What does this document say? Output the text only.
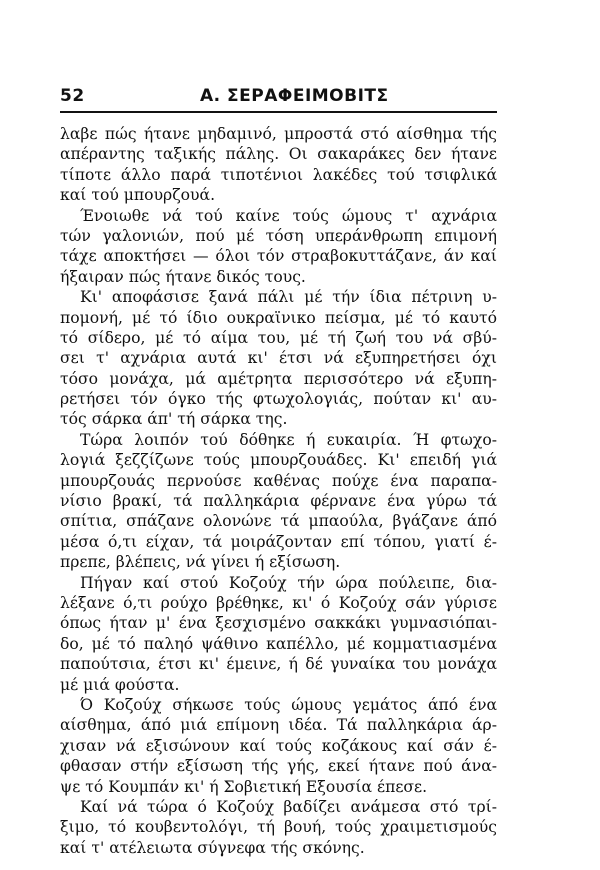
52	Α. ΣΕΡΑΦΕΙΜΟΒΙΤΣ
λαβε πώς ήτανε μηδαμινό, μπροστά στό αίσθημα τής
απέραντης ταξικής πάλης. Οι σακαράκες δεν ήτανε
τίποτε άλλο παρά τιποτένιοι λακέδες τού τσιφλικά
καί τού μπουρζουά.
Ένοιωθε νά τού καίνε τούς ώμους τ' αχνάρια
τών γαλονιών, πού μέ τόση υπεράνθρωπη επιμονή
τάχε αποκτήσει — όλοι τόν στραβοκυττάζανε, άν καί
ήξαιραν πώς ήτανε δικός τους.
Κι' αποφάσισε ξανά πάλι μέ τήν ίδια πέτρινη υ-
πομονή, μέ τό ίδιο ουκραϊνικο πείσμα, μέ τό καυτό
τό σίδερο, μέ τό αίμα του, μέ τή ζωή του νά σβύ-
σει τ' αχνάρια αυτά κι' έτσι νά εξυπηρετήσει όχι
τόσο μονάχα, μά αμέτρητα περισσότερο νά εξυπη-
ρετήσει τόν όγκο τής φτωχολογιάς, πούταν κι' αυ-
τός σάρκα άπ' τή σάρκα της.
Τώρα λοιπόν τού δόθηκε ή ευκαιρία. Ή φτωχο-
λογιά ξεζζίζωνε τούς μπουρζουάδες. Κι' επειδή γιά
μπουρζουάς περνούσε καθένας πούχε ένα παραπα-
νίσιο βρακί, τά παλληκάρια φέρνανε ένα γύρω τά
σπίτια, σπάζανε ολονώνε τά μπαούλα, βγάζανε άπό
μέσα ό,τι είχαν, τά μοιράζονταν επί τόπου, γιατί έ-
πρεπε, βλέπεις, νά γίνει ή εξίσωση.
Πήγαν καί στού Κοζούχ τήν ώρα πούλειπε, δια-
λέξανε ό,τι ρούχο βρέθηκε, κι' ό Κοζούχ σάν γύρισε
όπως ήταν μ' ένα ξεσχισμένο σακκάκι γυμνασιόπαι-
δο, μέ τό παληό ψάθινο καπέλλο, μέ κομματιασμένα
παπούτσια, έτσι κι' έμεινε, ή δέ γυναίκα του μονάχα
μέ μιά φούστα.
Ό Κοζούχ σήκωσε τούς ώμους γεμάτος άπό ένα
αίσθημα, άπό μιά επίμονη ιδέα. Τά παλληκάρια άρ-
χισαν νά εξισώνουν καί τούς κοζάκους καί σάν έ-
φθασαν στήν εξίσωση τής γής, εκεί ήτανε πού άνα-
ψε τό Κουμπάν κι' ή Σοβιετική Εξουσία έπεσε.
Καί νά τώρα ό Κοζούχ βαδίζει ανάμεσα στό τρί-
ξιμο, τό κουβεντολόγι, τή βουή, τούς χραιμετισμούς
καί τ' ατέλειωτα σύγνεφα τής σκόνης.
